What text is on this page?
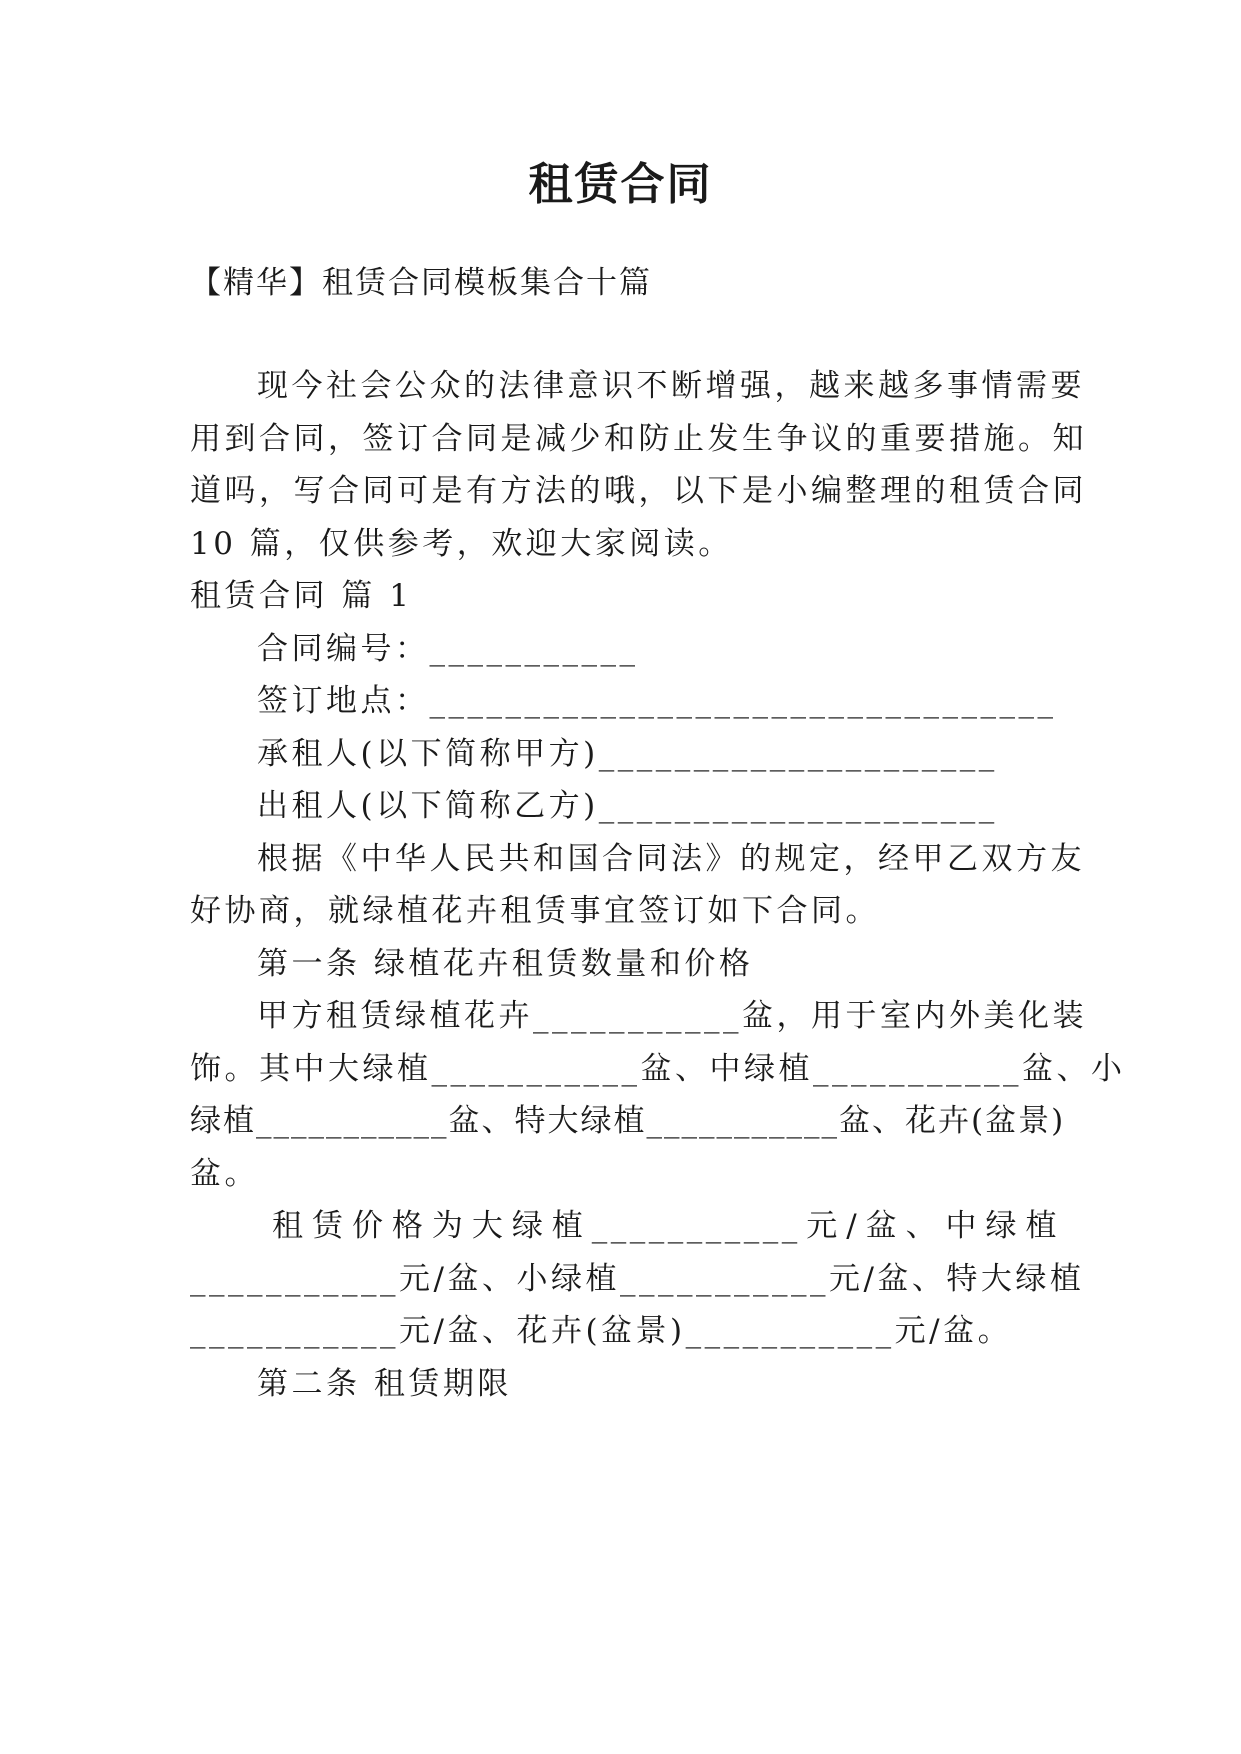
租赁合同
【精华】租赁合同模板集合十篇
现今社会公众的法律意识不断增强，越来越多事情需要
用到合同，签订合同是减少和防止发生争议的重要措施。知
道吗，写合同可是有方法的哦，以下是小编整理的租赁合同
10 篇，仅供参考，欢迎大家阅读。
租赁合同 篇 1
合同编号：___________
签订地点：_________________________________
承租人(以下简称甲方)_____________________
出租人(以下简称乙方)_____________________
根据《中华人民共和国合同法》的规定，经甲乙双方友
好协商，就绿植花卉租赁事宜签订如下合同。
第一条 绿植花卉租赁数量和价格
甲方租赁绿植花卉___________盆，用于室内外美化装
饰。其中大绿植___________盆、中绿植___________盆、小
绿植___________盆、特大绿植___________盆、花卉(盆景)
盆。
租赁价格为大绿植___________元/盆、中绿植
___________元/盆、小绿植___________元/盆、特大绿植
___________元/盆、花卉(盆景)___________元/盆。
第二条 租赁期限
